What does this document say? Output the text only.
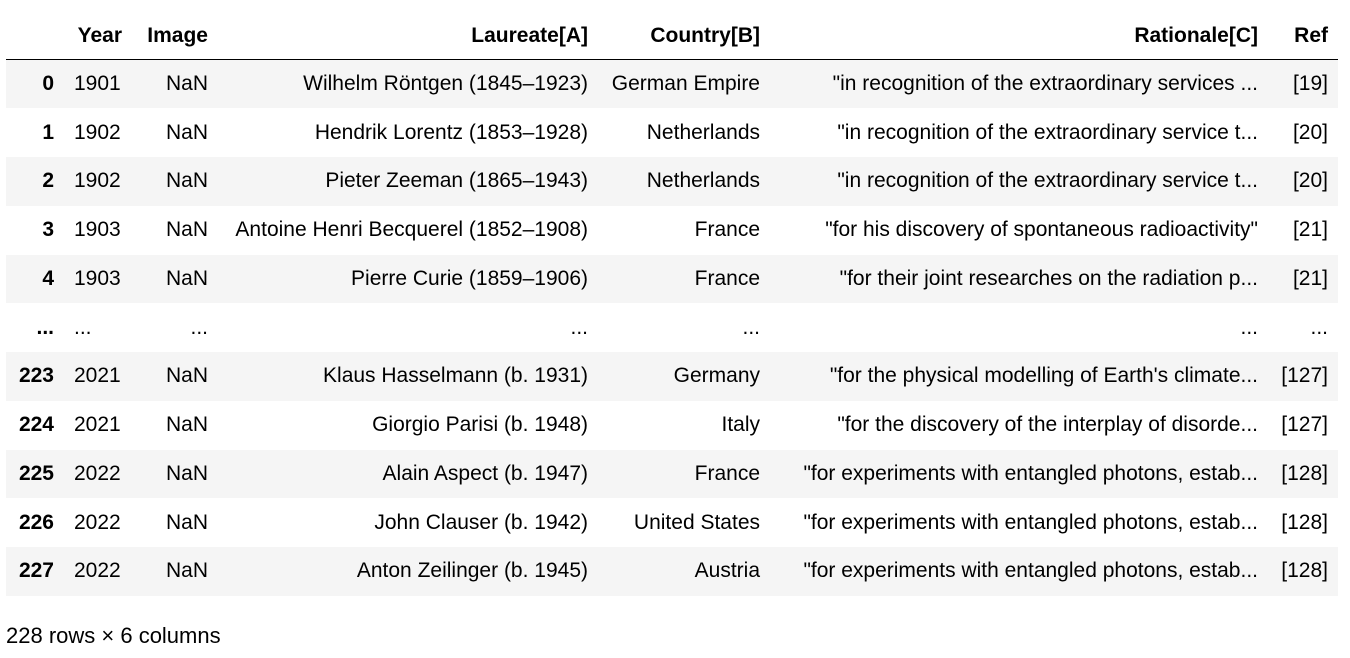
	Year	Image	Laureate[A]	Country[B]	Rationale[C]	Ref
0	1901	NaN	Wilhelm Röntgen (1845–1923)	German Empire	"in recognition of the extraordinary services ...	[19]
1	1902	NaN	Hendrik Lorentz (1853–1928)	Netherlands	"in recognition of the extraordinary service t...	[20]
2	1902	NaN	Pieter Zeeman (1865–1943)	Netherlands	"in recognition of the extraordinary service t...	[20]
3	1903	NaN	Antoine Henri Becquerel (1852–1908)	France	"for his discovery of spontaneous radioactivity"	[21]
4	1903	NaN	Pierre Curie (1859–1906)	France	"for their joint researches on the radiation p...	[21]
...	...	...	...	...	...	...
223	2021	NaN	Klaus Hasselmann (b. 1931)	Germany	"for the physical modelling of Earth's climate...	[127]
224	2021	NaN	Giorgio Parisi (b. 1948)	Italy	"for the discovery of the interplay of disorde...	[127]
225	2022	NaN	Alain Aspect (b. 1947)	France	"for experiments with entangled photons, estab...	[128]
226	2022	NaN	John Clauser (b. 1942)	United States	"for experiments with entangled photons, estab...	[128]
227	2022	NaN	Anton Zeilinger (b. 1945)	Austria	"for experiments with entangled photons, estab...	[128]
228 rows × 6 columns
